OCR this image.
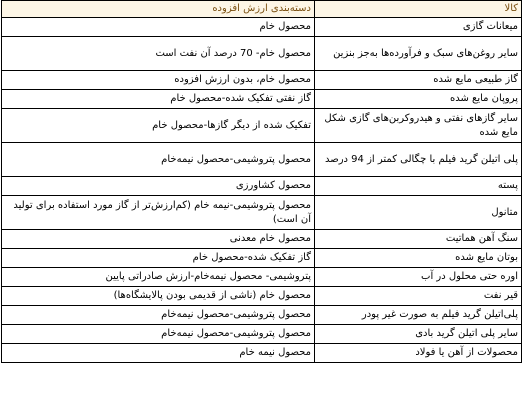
کالا	دسته‌بندی ارزش افزوده
میعانات گازی	محصول خام
سایر روغن‌های سبک و فرآورده‌ها به‌جز بنزین	محصول خام- 70 درصد آن نفت است
گاز طبیعی مایع شده	محصول خام، بدون ارزش افزوده
پروپان مایع شده	گاز نفتی تفکیک شده-محصول خام
سایر گازهای نفتی و هیدروکربن‌های گازی شکل مایع شده	تفکیک شده از دیگر گازها-محصول خام
پلی اتیلن گرید فیلم با چگالی کمتر از 94 درصد	محصول پتروشیمی-محصول نیمه‌خام
پسته	محصول کشاورزی
متانول	محصول پتروشیمی-نیمه خام (کم‌ارزش‌تر از گاز مورد استفاده برای تولید آن است)
سنگ آهن هماتیت	محصول خام معدنی
بوتان مایع شده	گاز تفکیک شده-محصول خام
اوره حتی محلول در آب	پتروشیمی- محصول نیمه‌خام-ارزش صادراتی پایین
قیر نفت	محصول خام (ناشی از قدیمی بودن پالایشگاه‌ها)
پلی‌اتیلن گرید فیلم به صورت غیر پودر	محصول پتروشیمی-محصول نیمه‌خام
سایر پلی اتیلن گرید بادی	محصول پتروشیمی-محصول نیمه‌خام
محصولات از آهن یا فولاد	محصول نیمه خام
